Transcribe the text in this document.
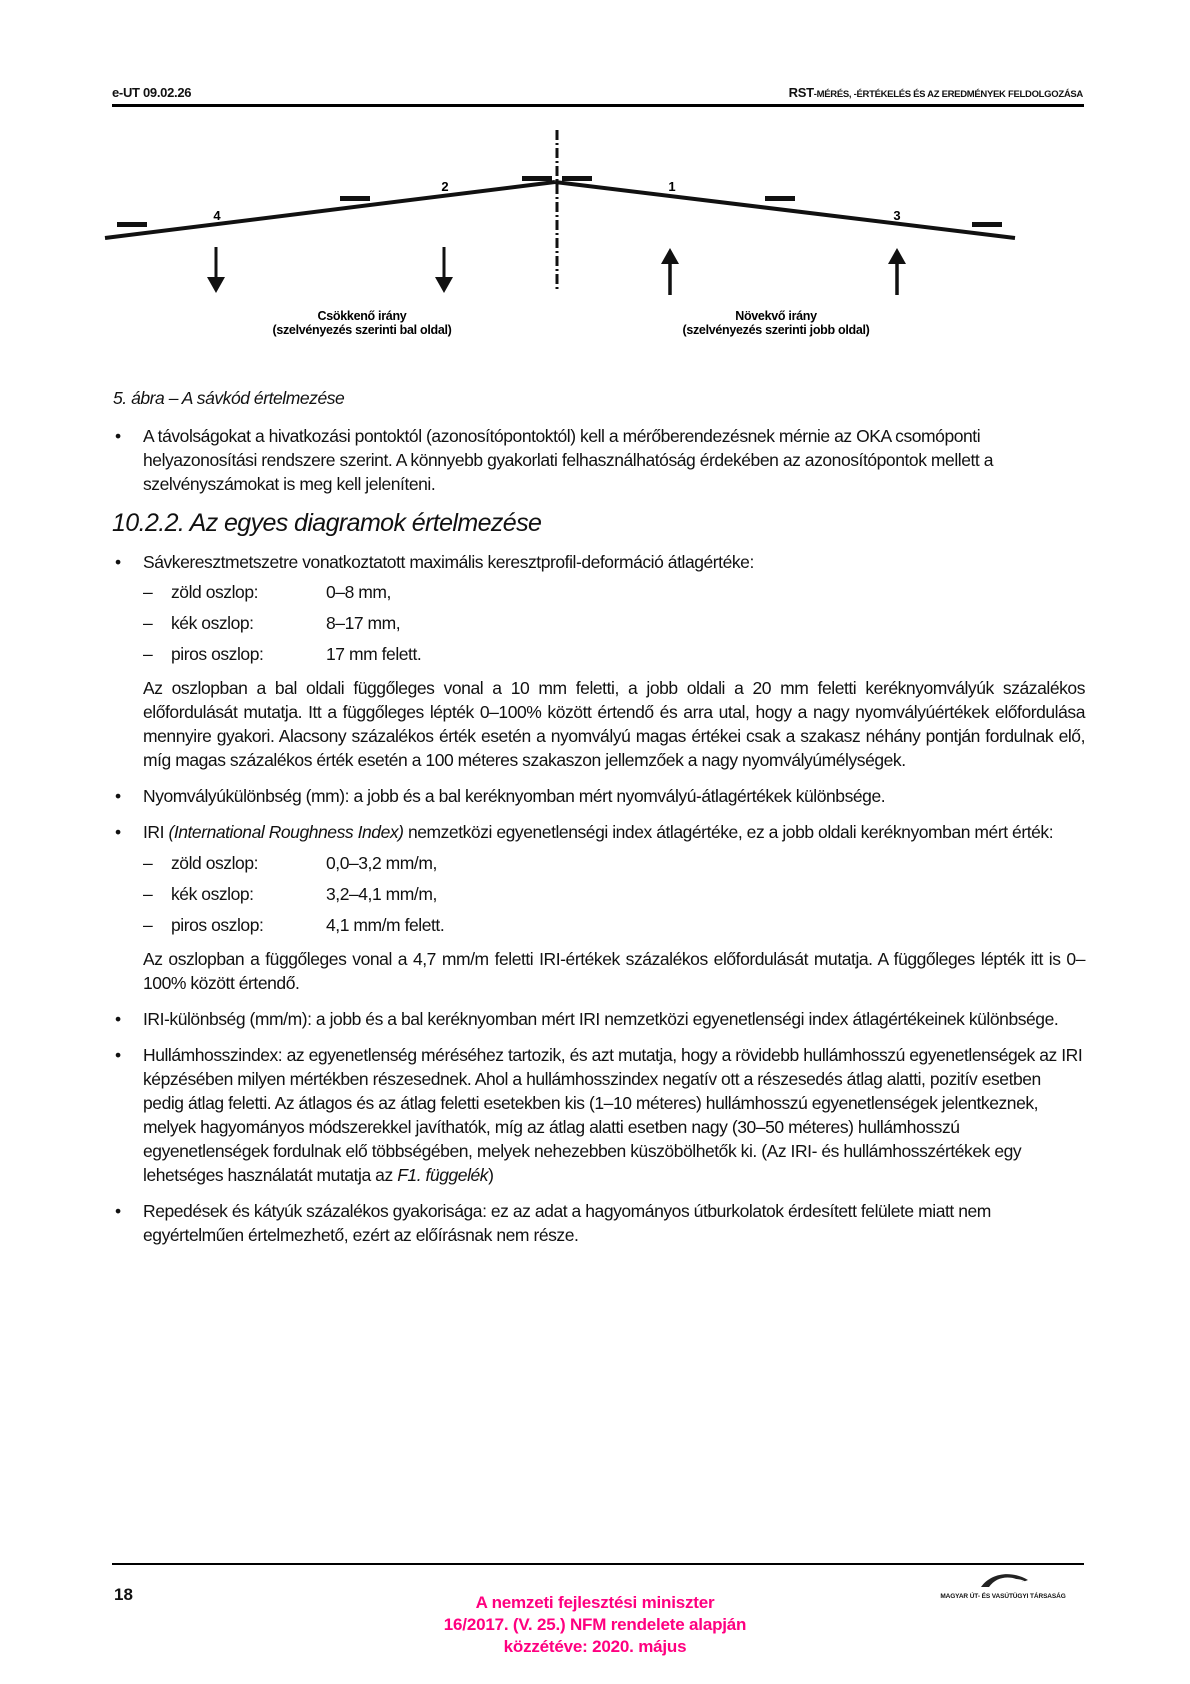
e-UT 09.02.26	RST-MÉRÉS, -ÉRTÉKELÉS ÉS AZ EREDMÉNYEK FELDOLGOZÁSA
4
2	1
3
Csökkenő irány
(szelvényezés szerinti bal oldal)
Növekvő irány
(szelvényezés szerinti jobb oldal)

5. ábra – A sávkód értelmezése

• A távolságokat a hivatkozási pontoktól (azonosítópontoktól) kell a mérőberendezésnek mérnie az OKA csomóponti helyazonosítási rendszere szerint. A könnyebb gyakorlati felhasználhatóság érdekében az azonosítópontok mellett a szelvényszámokat is meg kell jeleníteni.
10.2.2. Az egyes diagramok értelmezése
• Sávkeresztmetszetre vonatkoztatott maximális keresztprofil-deformáció átlagértéke:
–	zöld oszlop:	0–8 mm,
–	kék oszlop:	8–17 mm,
–	piros oszlop:	17 mm felett.
Az oszlopban a bal oldali függőleges vonal a 10 mm feletti, a jobb oldali a 20 mm feletti keréknyomvályúk százalékos előfordulását mutatja. Itt a függőleges lépték 0–100% között értendő és arra utal, hogy a nagy nyomvályúértékek előfordulása mennyire gyakori. Alacsony százalékos érték esetén a nyomvályú magas értékei csak a szakasz néhány pontján fordulnak elő, míg magas százalékos érték esetén a 100 méteres szakaszon jellemzőek a nagy nyomvályúmélységek.
• Nyomvályúkülönbség (mm): a jobb és a bal keréknyomban mért nyomvályú-átlagértékek különbsége.
• IRI (International Roughness Index) nemzetközi egyenetlenségi index átlagértéke, ez a jobb oldali keréknyomban mért érték:
–	zöld oszlop:	0,0–3,2 mm/m,
–	kék oszlop:	3,2–4,1 mm/m,
–	piros oszlop:	4,1 mm/m felett.
Az oszlopban a függőleges vonal a 4,7 mm/m feletti IRI-értékek százalékos előfordulását mutatja. A függőleges lépték itt is 0–100% között értendő.
• IRI-különbség (mm/m): a jobb és a bal keréknyomban mért IRI nemzetközi egyenetlenségi index átlagértékeinek különbsége.
• Hullámhosszindex: az egyenetlenség méréséhez tartozik, és azt mutatja, hogy a rövidebb hullámhosszú egyenetlenségek az IRI képzésében milyen mértékben részesednek. Ahol a hullámhosszindex negatív ott a részesedés átlag alatti, pozitív esetben pedig átlag feletti. Az átlagos és az átlag feletti esetekben kis (1–10 méteres) hullámhosszú egyenetlenségek jelentkeznek, melyek hagyományos módszerekkel javíthatók, míg az átlag alatti esetben nagy (30–50 méteres) hullámhosszú egyenetlenségek fordulnak elő többségében, melyek nehezebben küszöbölhetők ki. (Az IRI- és hullámhosszértékek egy lehetséges használatát mutatja az F1. függelék)
• Repedések és kátyúk százalékos gyakorisága: ez az adat a hagyományos útburkolatok érdesített felülete miatt nem egyértelműen értelmezhető, ezért az előírásnak nem része.
18	A nemzeti fejlesztési miniszter
16/2017. (V. 25.) NFM rendelete alapján
közzétéve: 2020. május
MAGYAR ÚT- ÉS VASÚTÜGYI TÁRSASÁG
